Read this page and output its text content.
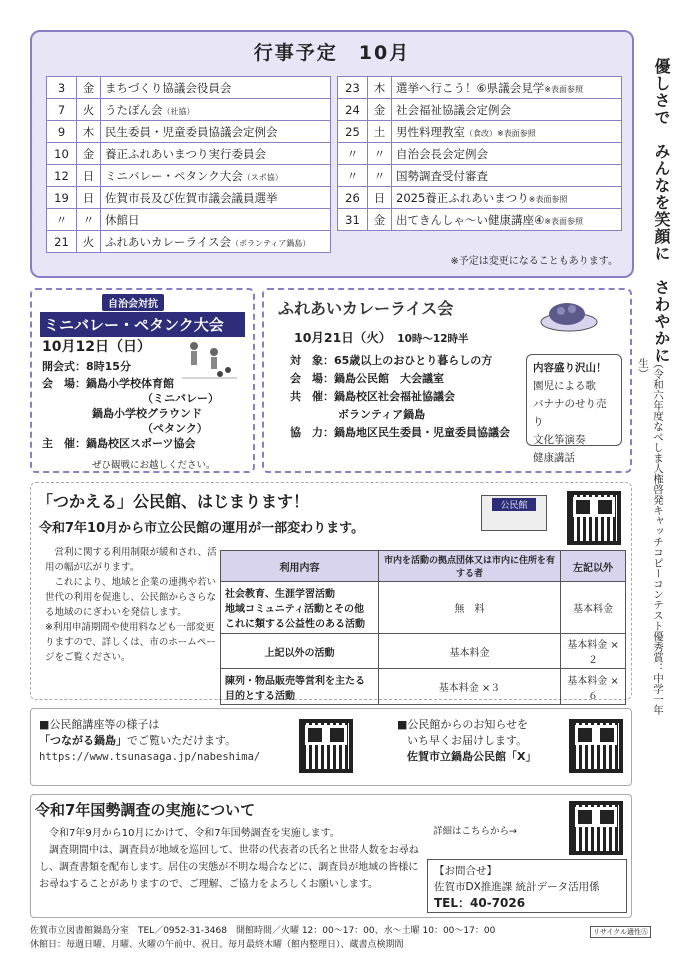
行事予定　10月
3	金	まちづくり協議会役員会
7	火	うたぽん会（社協）
9	木	民生委員・児童委員協議会定例会
10	金	養正ふれあいまつり実行委員会
12	日	ミニバレー・ペタンク大会（スポ協）
19	日	佐賀市長及び佐賀市議会議員選挙
〃	〃	休館日
21	火	ふれあいカレーライス会（ボランティア鍋島）
23	木	選挙へ行こう！⑥県議会見学※表面参照
24	金	社会福祉協議会定例会
25	土	男性料理教室（食改）※表面参照
〃	〃	自治会長会定例会
〃	〃	国勢調査受付審査
26	日	2025養正ふれあいまつり※表面参照
31	金	出てきんしゃ～い健康講座④※表面参照
※予定は変更になることもあります。 優しさで　みんなを笑顔に　さわやかに
（令和六年度なべしま人権啓発キャッチコピーコンテスト優秀賞：中学一年生）
自治会対抗
ミニバレー・ペタンク大会
10月12日（日）
開会式：8時15分
会　場：鍋島小学校体育館
（ミニバレー）
鍋島小学校グラウンド
（ペタンク）
主　催：鍋島校区スポーツ協会
ぜひ観戦にお越しください。
ふれあいカレーライス会
10月21日（火） 10時～12時半
対　象：65歳以上のおひとり暮らしの方
会　場：鍋島公民館　大会議室
共　催：鍋島校区社会福祉協議会
ボランティア鍋島
協　力：鍋島地区民生委員・児童委員協議会
内容盛り沢山！
園児による歌
バナナのせり売り
文化筝演奏
健康講話
「つかえる」公民館、はじまります！
令和7年10月から市立公民館の運用が一部変わります。
公民館

営利に関する利用制限が緩和され、活用の幅が広がります。

これにより、地域と企業の連携や若い世代の利用を促進し、公民館からさらなる地域のにぎわいを発信します。

※利用申請期間や使用料なども一部変更りますので、詳しくは、市のホームページをご覧ください。

利用内容	市内を活動の拠点団体又は市内に住所を有する者	左記以外

社会教育、生涯学習活動
地域コミュニティ活動とその他
これに類する公益性のある活動	無　料	基本料金
上記以外の活動	基本料金	基本料金 ×２

陳列・物品販売等営利を主たる
目的とする活動	基本料金 ×３	基本料金 ×６
■公民館講座等の様子は
「つながる鍋島」でご覧いただけます。
https://www.tsunasaga.jp/nabeshima/
■公民館からのお知らせを
いち早くお届けします。
佐賀市立鍋島公民館「X」
令和7年国勢調査の実施について

令和7年9月から10月にかけて、令和7年国勢調査を実施します。

調査期間中は、調査員が地域を巡回して、世帯の代表者の氏名と世帯人数をお尋ねし、調査書類を配布します。居住の実態が不明な場合などに、調査員が地域の皆様にお尋ねすることがありますので、ご理解、ご協力をよろしくお願いします。

詳細はこちらから→
【お問合せ】
佐賀市DX推進課 統計データ活用係
TEL：40-7026
佐賀市立図書館鍋島分室　TEL／0952-31-3468　開館時間／火曜 12：00～17：00、水～土曜 10：00～17：00
休館日：毎週日曜、月曜、火曜の午前中、祝日、毎月最終木曜（館内整理日）、蔵書点検期間
リサイクル適性Ⓐ
